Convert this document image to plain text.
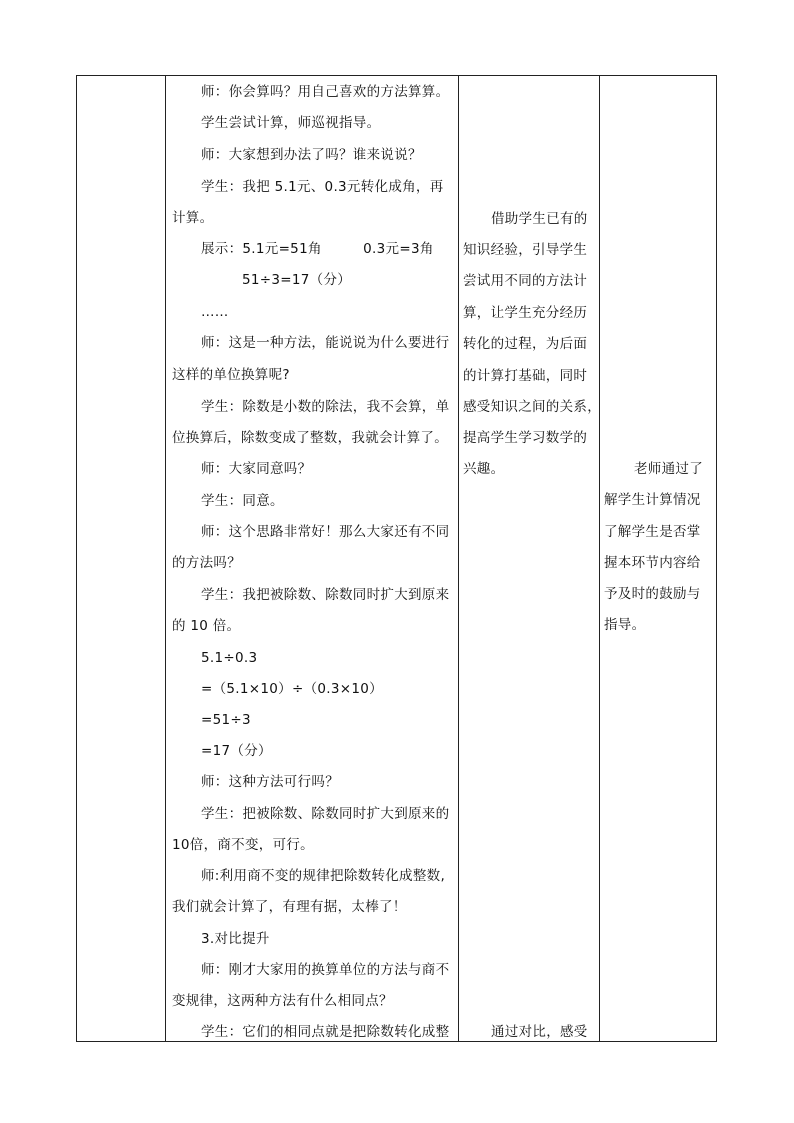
师：你会算吗？用自己喜欢的方法算算。
学生尝试计算，师巡视指导。
师：大家想到办法了吗？谁来说说？
学生：我把 5.1元、0.3元转化成角，再
计算。
展示：5.1元=51角　　　0.3元=3角
51÷3=17（分）
……
师：这是一种方法，能说说为什么要进行
这样的单位换算呢?
学生：除数是小数的除法，我不会算，单
位换算后，除数变成了整数，我就会计算了。
师：大家同意吗？
学生：同意。
师：这个思路非常好！那么大家还有不同
的方法吗？
学生：我把被除数、除数同时扩大到原来
的 10 倍。
5.1÷0.3
=（5.1×10）÷（0.3×10）
=51÷3
=17（分）
师：这种方法可行吗？
学生：把被除数、除数同时扩大到原来的
10倍，商不变，可行。
师:利用商不变的规律把除数转化成整数,
我们就会计算了，有理有据，太棒了！
3.对比提升
师：刚才大家用的换算单位的方法与商不
变规律，这两种方法有什么相同点？
学生：它们的相同点就是把除数转化成整
借助学生已有的
知识经验，引导学生
尝试用不同的方法计
算，让学生充分经历
转化的过程，为后面
的计算打基础，同时
感受知识之间的关系，
提高学生学习数学的
兴趣。
通过对比，感受
老师通过了
解学生计算情况
了解学生是否掌
握本环节内容给
予及时的鼓励与
指导。
